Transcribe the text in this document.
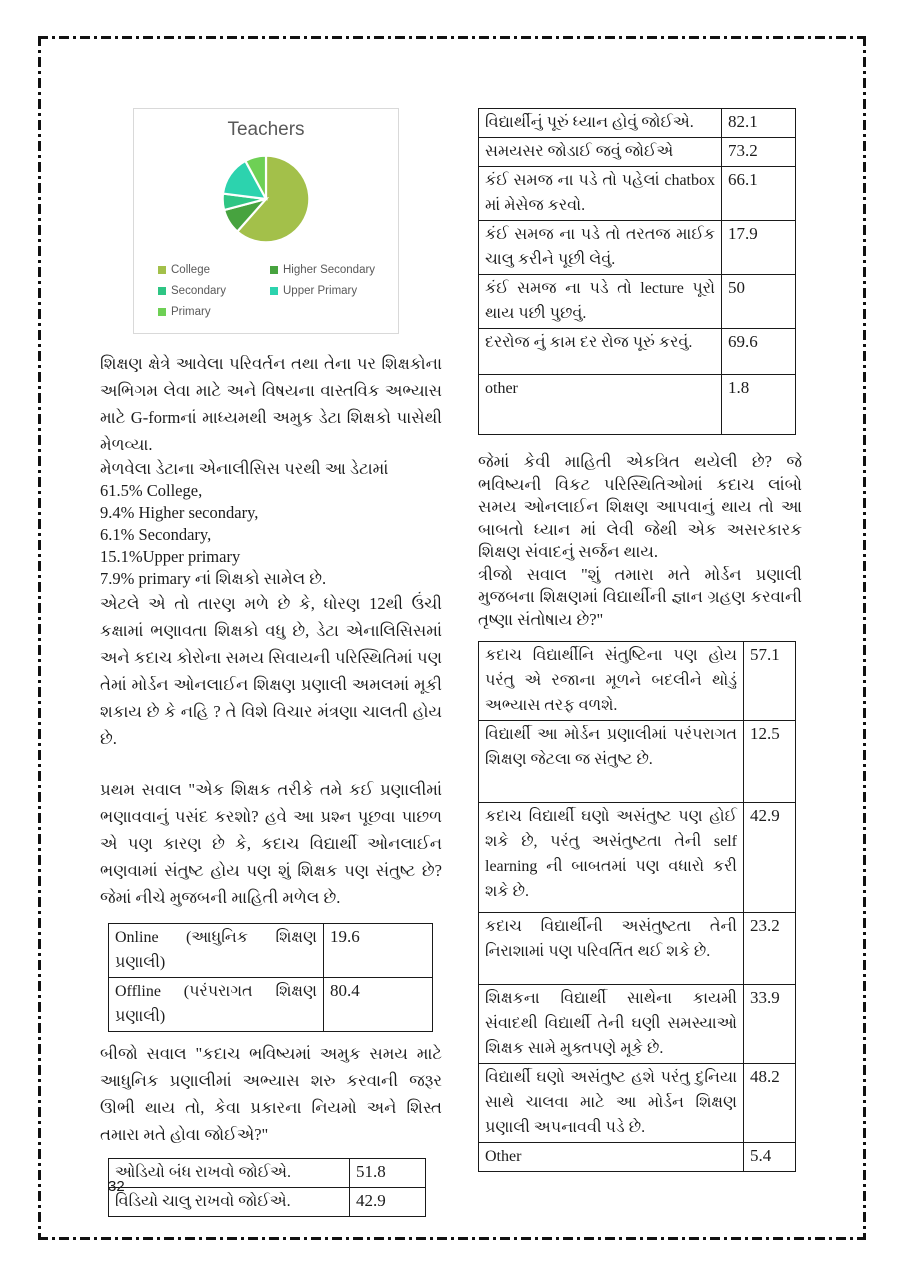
Teachers
College	Higher Secondary
Secondary	Upper Primary
Primary

શિક્ષણ ક્ષેત્રે આવેલા પરિવર્તન તથા તેના પર શિક્ષકોના અભિગમ લેવા માટે અને વિષયના વાસ્તવિક અભ્યાસ માટે G-formનાં માધ્યમથી અમુક ડેટા શિક્ષકો પાસેથી મેળવ્યા.

મેળવેલા ડેટાના એનાલીસિસ પરથી આ ડેટામાં
61.5% College,
9.4% Higher secondary,
6.1% Secondary,
15.1%Upper primary
7.9% primary નાં શિક્ષકો સામેલ છે.

એટલે એ તો તારણ મળે છે કે, ધોરણ 12થી ઉંચી કક્ષામાં ભણાવતા શિક્ષકો વધુ છે, ડેટા એનાલિસિસમાં અને કદાચ કોરોના સમય સિવાયની પરિસ્થિતિમાં પણ તેમાં મોર્ડન ઓનલાઈન શિક્ષણ પ્રણાલી અમલમાં મૂકી શકાય છે કે નહિ ? તે વિશે વિચાર મંત્રણા ચાલતી હોય છે.

પ્રથમ સવાલ "એક શિક્ષક તરીકે તમે કઈ પ્રણાલીમાં ભણાવવાનું પસંદ કરશો? હવે આ પ્રશ્ન પૂછવા પાછળ એ પણ કારણ છે કે, કદાચ વિદ્યાર્થી ઓનલાઈન ભણવામાં સંતુષ્ટ હોય પણ શું શિક્ષક પણ સંતુષ્ટ છે? જેમાં નીચે મુજબની માહિતી મળેલ છે.

Online (આધુનિક શિક્ષણ પ્રણાલી)	19.6
Offline (પરંપરાગત શિક્ષણ પ્રણાલી)	80.4

બીજો સવાલ "કદાચ ભવિષ્યમાં અમુક સમય માટે આધુનિક પ્રણાલીમાં અભ્યાસ શરુ કરવાની જરૂર ઊભી થાય તો, કેવા પ્રકારના નિયમો અને શિસ્ત તમારા મતે હોવા જોઈએ?"

ઓડિયો બંધ રાખવો જોઈએ.	51.8
વિડિયો ચાલુ રાખવો જોઈએ.	42.9
વિદ્યાર્થીનું પૂરું ધ્યાન હોવું જોઈએ.	82.1
સમયસર જોડાઈ જવું જોઈએ	73.2
કંઈ સમજ ના પડે તો પહેલાં chatbox માં મેસેજ કરવો.	66.1
કંઈ સમજ ના પડે તો તરતજ માઈક ચાલુ કરીને પૂછી લેવું.	17.9
કંઈ સમજ ના પડે તો lecture પૂરો થાય પછી પુછવું.	50
દરરોજ નું કામ દર રોજ પૂરું કરવું.	69.6
other	1.8

જેમાં કેવી માહિતી એકત્રિત થયેલી છે? જે ભવિષ્યની વિકટ પરિસ્થિતિઓમાં કદાચ લાંબો સમય ઓનલાઈન શિક્ષણ આપવાનું થાય તો આ બાબતો ધ્યાન માં લેવી જેથી એક અસરકારક શિક્ષણ સંવાદનું સર્જન થાય.

ત્રીજો સવાલ "શું તમારા મતે મોર્ડન પ્રણાલી મુજબના શિક્ષણમાં વિદ્યાર્થીની જ્ઞાન ગ્રહણ કરવાની તૃષ્ણા સંતોષાય છે?"

કદાચ વિદ્યાર્થીનિ સંતુષ્ટિના પણ હોય પરંતુ એ રજાના મૂળને બદલીને થોડું અભ્યાસ તરફ વળશે.	57.1
વિદ્યાર્થી આ મોર્ડન પ્રણાલીમાં પરંપરાગત શિક્ષણ જેટલા જ સંતુષ્ટ છે.	12.5
કદાચ વિદ્યાર્થી ઘણો અસંતુષ્ટ પણ હોઈ શકે છે, પરંતુ અસંતુષ્ટતા તેની self learning ની બાબતમાં પણ વધારો કરી શકે છે.	42.9
કદાચ વિદ્યાર્થીની અસંતુષ્ટતા તેની નિરાશામાં પણ પરિવર્તિત થઈ શકે છે.	23.2
શિક્ષકના વિદ્યાર્થી સાથેના કાયમી સંવાદથી વિદ્યાર્થી તેની ઘણી સમસ્યાઓ શિક્ષક સામે મુક્તપણે મૂકે છે.	33.9
વિદ્યાર્થી ઘણો અસંતુષ્ટ હશે પરંતુ દુનિયા સાથે ચાલવા માટે આ મોર્ડન શિક્ષણ પ્રણાલી અપનાવવી પડે છે.	48.2
Other	5.4
32
